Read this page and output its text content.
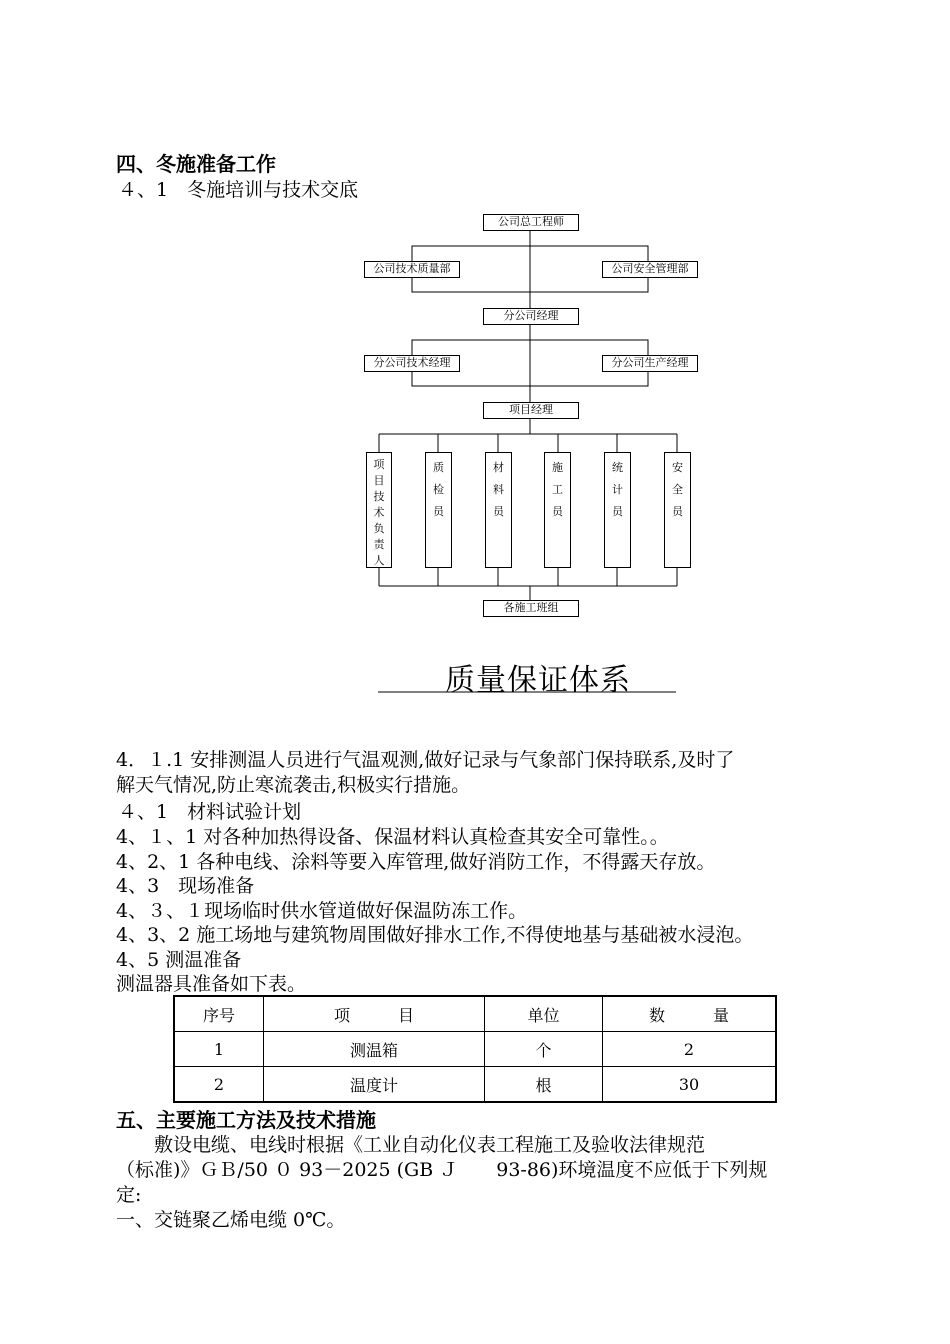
四、冬施准备工作
４、1　冬施培训与技术交底
公司总工程师
公司技术质量部	公司安全管理部
分公司经理
分公司技术经理	分公司生产经理
项目经理
项
目
技
术
负
责
人
质
检
员
材
料
员
施
工
员
统
计
员
安
全
员
各施工班组
质量保证体系
4．１.1 安排测温人员进行气温观测,做好记录与气象部门保持联系,及时了
解天气情况,防止寒流袭击,积极实行措施。
４、1　材料试验计划
4、１、1 对各种加热得设备、保温材料认真检查其安全可靠性。。
4、2、1 各种电线、涂料等要入库管理,做好消防工作，不得露天存放。
4、3　现场准备
4、３、１现场临时供水管道做好保温防冻工作。
4、3、2 施工场地与建筑物周围做好排水工作,不得使地基与基础被水浸泡。
4、5 测温准备
测温器具准备如下表。
序号	项　　　目	单位	数　　　量
1	测温箱	个	2
2	温度计	根	30
五、主要施工方法及技术措施
　　敷设电缆、电线时根据《工业自动化仪表工程施工及验收法律规范
（标准)》ＧＢ/50 ０ 93－2025 (GB Ｊ　　93-86)环境温度不应低于下列规
定:
一、交链聚乙烯电缆 0℃。
